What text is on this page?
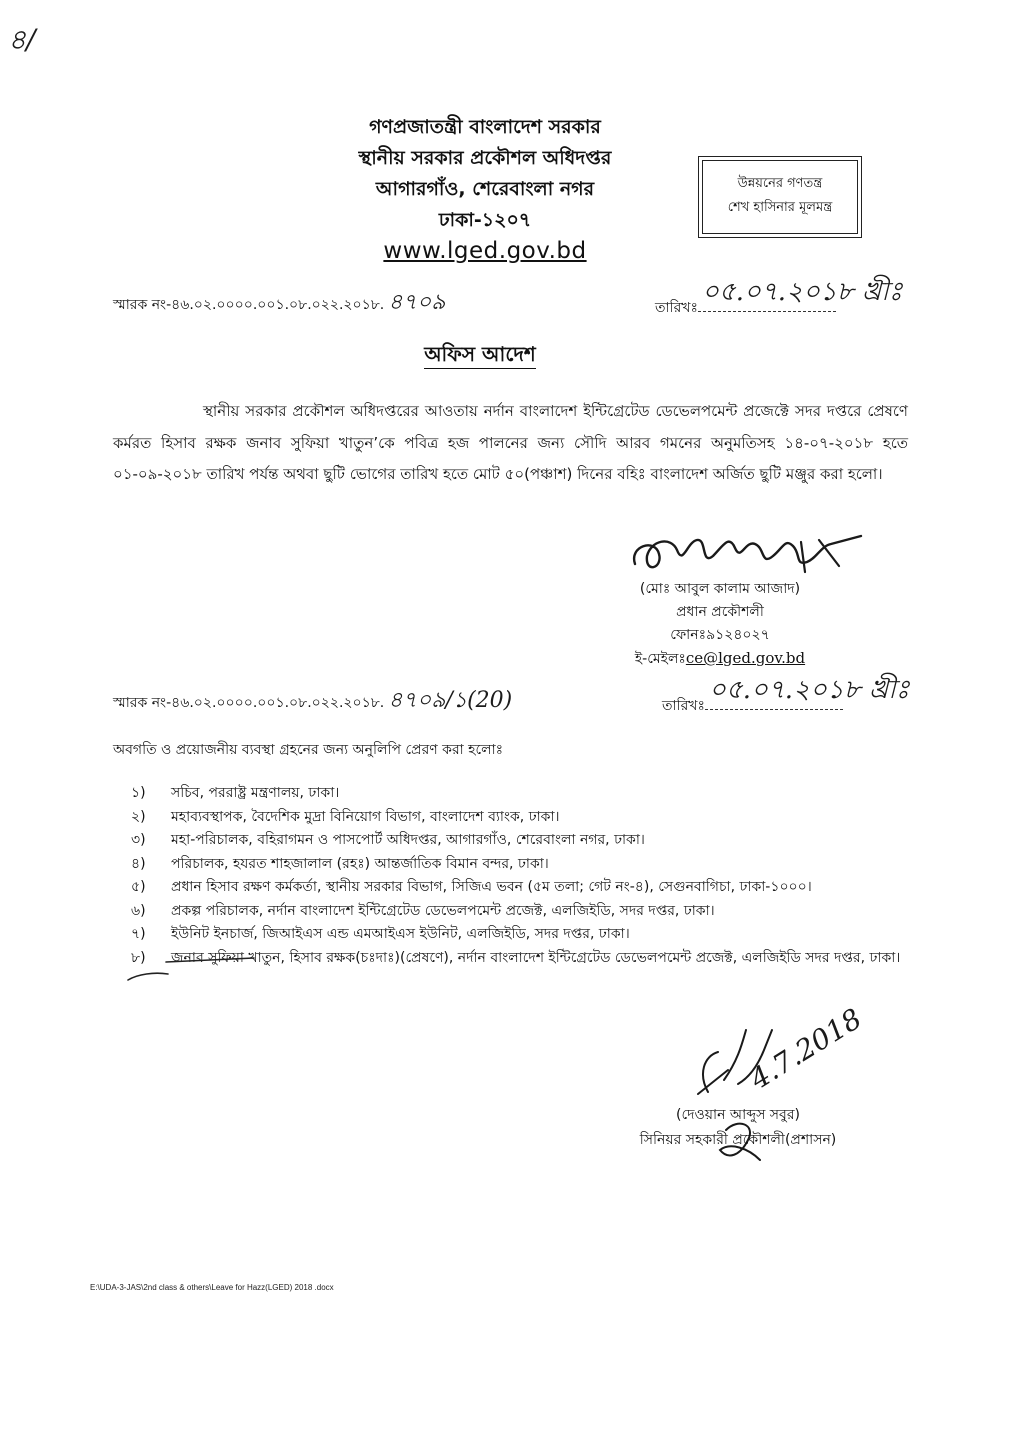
৪/
গণপ্রজাতন্ত্রী বাংলাদেশ সরকার
স্থানীয় সরকার প্রকৌশল অধিদপ্তর
আগারগাঁও, শেরেবাংলা নগর
ঢাকা-১২০৭
www.lged.gov.bd
উন্নয়নের গণতন্ত্র
শেখ হাসিনার মূলমন্ত্র
স্মারক নং-৪৬.০২.০০০০.০০১.০৮.০২২.২০১৮. ৪৭০৯	তারিখঃ
০৫.০৭.২০১৮ খ্রীঃ
অফিস আদেশ
স্থানীয় সরকার প্রকৌশল অধিদপ্তরের আওতায় নর্দান বাংলাদেশ ইন্টিগ্রেটেড ডেভেলপমেন্ট প্রজেক্টে সদর দপ্তরে প্রেষণে কর্মরত হিসাব রক্ষক জনাব সুফিয়া খাতুন’কে পবিত্র হজ পালনের জন্য সৌদি আরব গমনের অনুমতিসহ ১৪-০৭-২০১৮ হতে ০১-০৯-২০১৮ তারিখ পর্যন্ত অথবা ছুটি ভোগের তারিখ হতে মোট ৫০(পঞ্চাশ) দিনের বহিঃ বাংলাদেশ অর্জিত ছুটি মঞ্জুর করা হলো।
(মোঃ আবুল কালাম আজাদ)
প্রধান প্রকৌশলী
ফোনঃ৯১২৪০২৭
ই-মেইলঃce@lged.gov.bd
স্মারক নং-৪৬.০২.০০০০.০০১.০৮.০২২.২০১৮. ৪৭০৯/১(20)	তারিখঃ
০৫.০৭.২০১৮ খ্রীঃ
অবগতি ও প্রয়োজনীয় ব্যবস্থা গ্রহনের জন্য অনুলিপি প্রেরণ করা হলোঃ
১)	সচিব, পররাষ্ট্র মন্ত্রণালয়, ঢাকা।
২)	মহাব্যবস্থাপক, বৈদেশিক মুদ্রা বিনিয়োগ বিভাগ, বাংলাদেশ ব্যাংক, ঢাকা।
৩)	মহা-পরিচালক, বহিরাগমন ও পাসপোর্ট অধিদপ্তর, আগারগাঁও, শেরেবাংলা নগর, ঢাকা।
৪)	পরিচালক, হযরত শাহজালাল (রহঃ) আন্তর্জাতিক বিমান বন্দর, ঢাকা।
৫)	প্রধান হিসাব রক্ষণ কর্মকর্তা, স্থানীয় সরকার বিভাগ, সিজিএ ভবন (৫ম তলা; গেট নং-৪), সেগুনবাগিচা, ঢাকা-১০০০।
৬)	প্রকল্প পরিচালক, নর্দান বাংলাদেশ ইন্টিগ্রেটেড ডেভেলপমেন্ট প্রজেক্ট, এলজিইডি, সদর দপ্তর, ঢাকা।
৭)	ইউনিট ইনচার্জ, জিআইএস এন্ড এমআইএস ইউনিট, এলজিইডি, সদর দপ্তর, ঢাকা।
৮)	জনাব সুফিয়া খাতুন, হিসাব রক্ষক(চঃদাঃ)(প্রেষণে), নর্দান বাংলাদেশ ইন্টিগ্রেটেড ডেভেলপমেন্ট প্রজেক্ট, এলজিইডি সদর দপ্তর, ঢাকা।
4.7.2018
(দেওয়ান আব্দুস সবুর)
সিনিয়র সহকারী প্রকৌশলী(প্রশাসন)
E:\UDA-3-JAS\2nd class & others\Leave for Hazz(LGED) 2018 .docx
